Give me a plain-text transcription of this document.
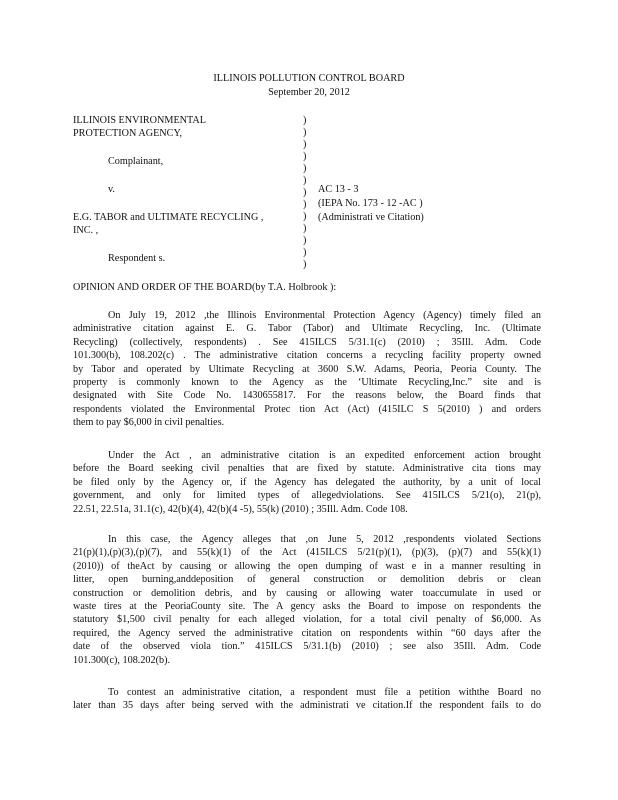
ILLINOIS POLLUTION CONTROL BOARD
September 20, 2012
ILLINOIS ENVIRONMENTAL
PROTECTION AGENCY,
Complainant,
v.
E.G. TABOR and ULTIMATE RECYCLING ,
INC. ,
Respondent s.
)
)
)
)
)
)
)
)
)
)
)
)
)
AC 13 - 3
(IEPA No. 173 - 12 -AC )
(Administrati ve Citation)
OPINION AND ORDER OF THE BOARD(by T.A. Holbrook ):
On July 19, 2012 ,the Illinois Environmental Protection Agency (Agency) timely filed an
administrative citation against E. G. Tabor (Tabor) and Ultimate Recycling, Inc. (Ultimate
Recycling) (collectively, respondents) . See 415ILCS 5/31.1(c) (2010) ; 35Ill. Adm. Code
101.300(b), 108.202(c) . The administrative citation concerns a recycling facility property owned
by Tabor and operated by Ultimate Recycling at 3600 S.W. Adams, Peoria, Peoria County. The
property is commonly known to the Agency as the ‘Ultimate Recycling,Inc.” site and is
designated with Site Code No. 1430655817. For the reasons below, the Board finds that
respondents violated the Environmental Protec tion Act (Act) (415ILC S 5(2010) ) and orders
them to pay $6,000 in civil penalties.
Under the Act , an administrative citation is an expedited enforcement action brought
before the Board seeking civil penalties that are fixed by statute. Administrative cita tions may
be filed only by the Agency or, if the Agency has delegated the authority, by a unit of local
government, and only for limited types of allegedviolations. See 415ILCS 5/21(o), 21(p),
22.51, 22.51a, 31.1(c), 42(b)(4), 42(b)(4 -5), 55(k) (2010) ; 35Ill. Adm. Code 108.
In this case, the Agency alleges that ,on June 5, 2012 ,respondents violated Sections
21(p)(1),(p)(3),(p)(7), and 55(k)(1) of the Act (415ILCS 5/21(p)(1), (p)(3), (p)(7) and 55(k)(1)
(2010)) of theAct by causing or allowing the open dumping of wast e in a manner resulting in
litter, open burning,anddeposition of general construction or demolition debris or clean
construction or demolition debris, and by causing or allowing water toaccumulate in used or
waste tires at the PeoriaCounty site. The A gency asks the Board to impose on respondents the
statutory $1,500 civil penalty for each alleged violation, for a total civil penalty of $6,000. As
required, the Agency served the administrative citation on respondents within “60 days after the
date of the observed viola tion.” 415ILCS 5/31.1(b) (2010) ; see also 35Ill. Adm. Code
101.300(c), 108.202(b).
To contest an administrative citation, a respondent must file a petition withthe Board no
later than 35 days after being served with the administrati ve citation.If the respondent fails to do
